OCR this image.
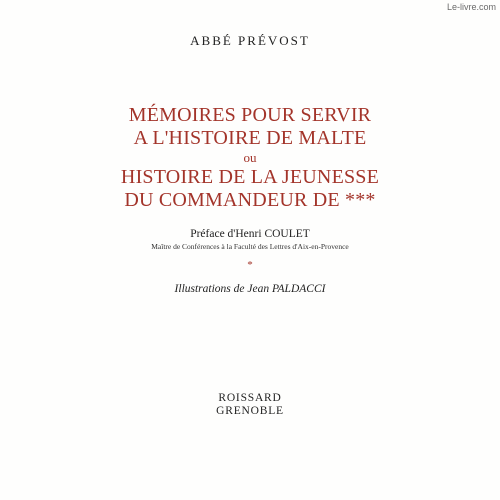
Le-livre.com
ABBÉ PRÉVOST
MÉMOIRES POUR SERVIR
A L'HISTOIRE DE MALTE
ou
HISTOIRE DE LA JEUNESSE
DU COMMANDEUR DE ***
Préface d'Henri COULET
Maître de Conférences à la Faculté des Lettres d'Aix-en-Provence
*
Illustrations de Jean PALDACCI
ROISSARD
GRENOBLE
